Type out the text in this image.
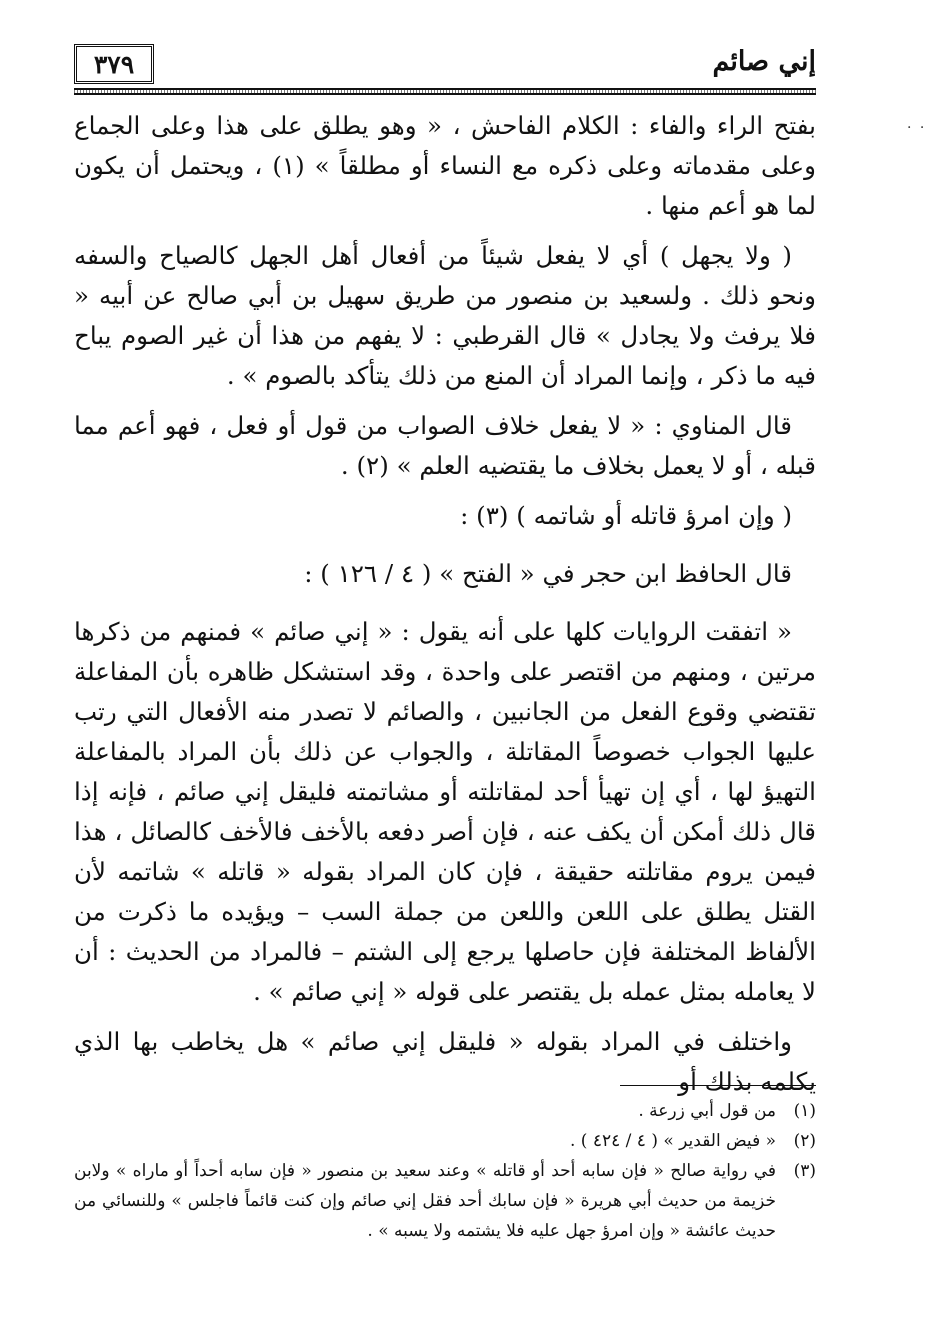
· ·
٣٧٩	إني صائم

بفتح الراء والفاء : الكلام الفاحش ، « وهو يطلق على هذا وعلى الجماع وعلى مقدماته وعلى ذكره مع النساء أو مطلقاً » (١) ، ويحتمل أن يكون لما هو أعم منها .

( ولا يجهل ) أي لا يفعل شيئاً من أفعال أهل الجهل كالصياح والسفه ونحو ذلك . ولسعيد بن منصور من طريق سهيل بن أبي صالح عن أبيه « فلا يرفث ولا يجادل » قال القرطبي : لا يفهم من هذا أن غير الصوم يباح فيه ما ذكر ، وإنما المراد أن المنع من ذلك يتأكد بالصوم » .

قال المناوي : « لا يفعل خلاف الصواب من قول أو فعل ، فهو أعم مما قبله ، أو لا يعمل بخلاف ما يقتضيه العلم » (٢) .

( وإن امرؤ قاتله أو شاتمه ) (٣) :

قال الحافظ ابن حجر في « الفتح » ( ٤ / ١٢٦ ) :

« اتفقت الروايات كلها على أنه يقول : « إني صائم » فمنهم من ذكرها مرتين ، ومنهم من اقتصر على واحدة ، وقد استشكل ظاهره بأن المفاعلة تقتضي وقوع الفعل من الجانبين ، والصائم لا تصدر منه الأفعال التي رتب عليها الجواب خصوصاً المقاتلة ، والجواب عن ذلك بأن المراد بالمفاعلة التهيؤ لها ، أي إن تهيأ أحد لمقاتلته أو مشاتمته فليقل إني صائم ، فإنه إذا قال ذلك أمكن أن يكف عنه ، فإن أصر دفعه بالأخف فالأخف كالصائل ، هذا فيمن يروم مقاتلته حقيقة ، فإن كان المراد بقوله « قاتله » شاتمه لأن القتل يطلق على اللعن واللعن من جملة السب – ويؤيده ما ذكرت من الألفاظ المختلفة فإن حاصلها يرجع إلى الشتم – فالمراد من الحديث : أن لا يعامله بمثل عمله بل يقتصر على قوله « إني صائم » .

واختلف في المراد بقوله « فليقل إني صائم » هل يخاطب بها الذي يكلمه بذلك أو

(١)
من قول أبي زرعة .
(٢)
« فيض القدير » ( ٤ / ٤٢٤ ) .
(٣)
في رواية صالح « فإن سابه أحد أو قاتله » وعند سعيد بن منصور « فإن سابه أحداً أو ماراه » ولابن خزيمة من حديث أبي هريرة « فإن سابك أحد فقل إني صائم وإن كنت قائماً فاجلس » وللنسائي من حديث عائشة « وإن امرؤ جهل عليه فلا يشتمه ولا يسبه » .
